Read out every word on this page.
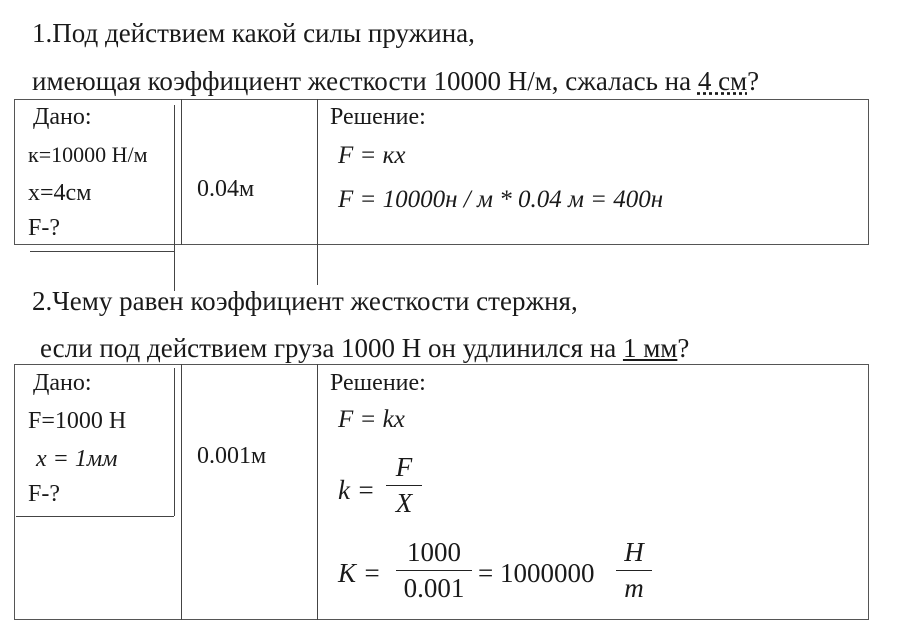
1.Под действием какой силы пружина,
имеющая коэффициент жесткости 10000 Н/м, сжалась на 4 см?
Дано:
к=10000 Н/м
х=4см
F-?
0.04м
Решение:
F = кх
F = 10000н / м * 0.04 м = 400н
2.Чему равен коэффициент жесткости стержня,
если под действием груза 1000 Н он удлинился на 1 мм?
Дано:
F=1000 Н
x = 1мм
F-?
0.001м
Решение:
F = kx
k =
F
X
K =
1000
0.001 = 1000000
H
m
